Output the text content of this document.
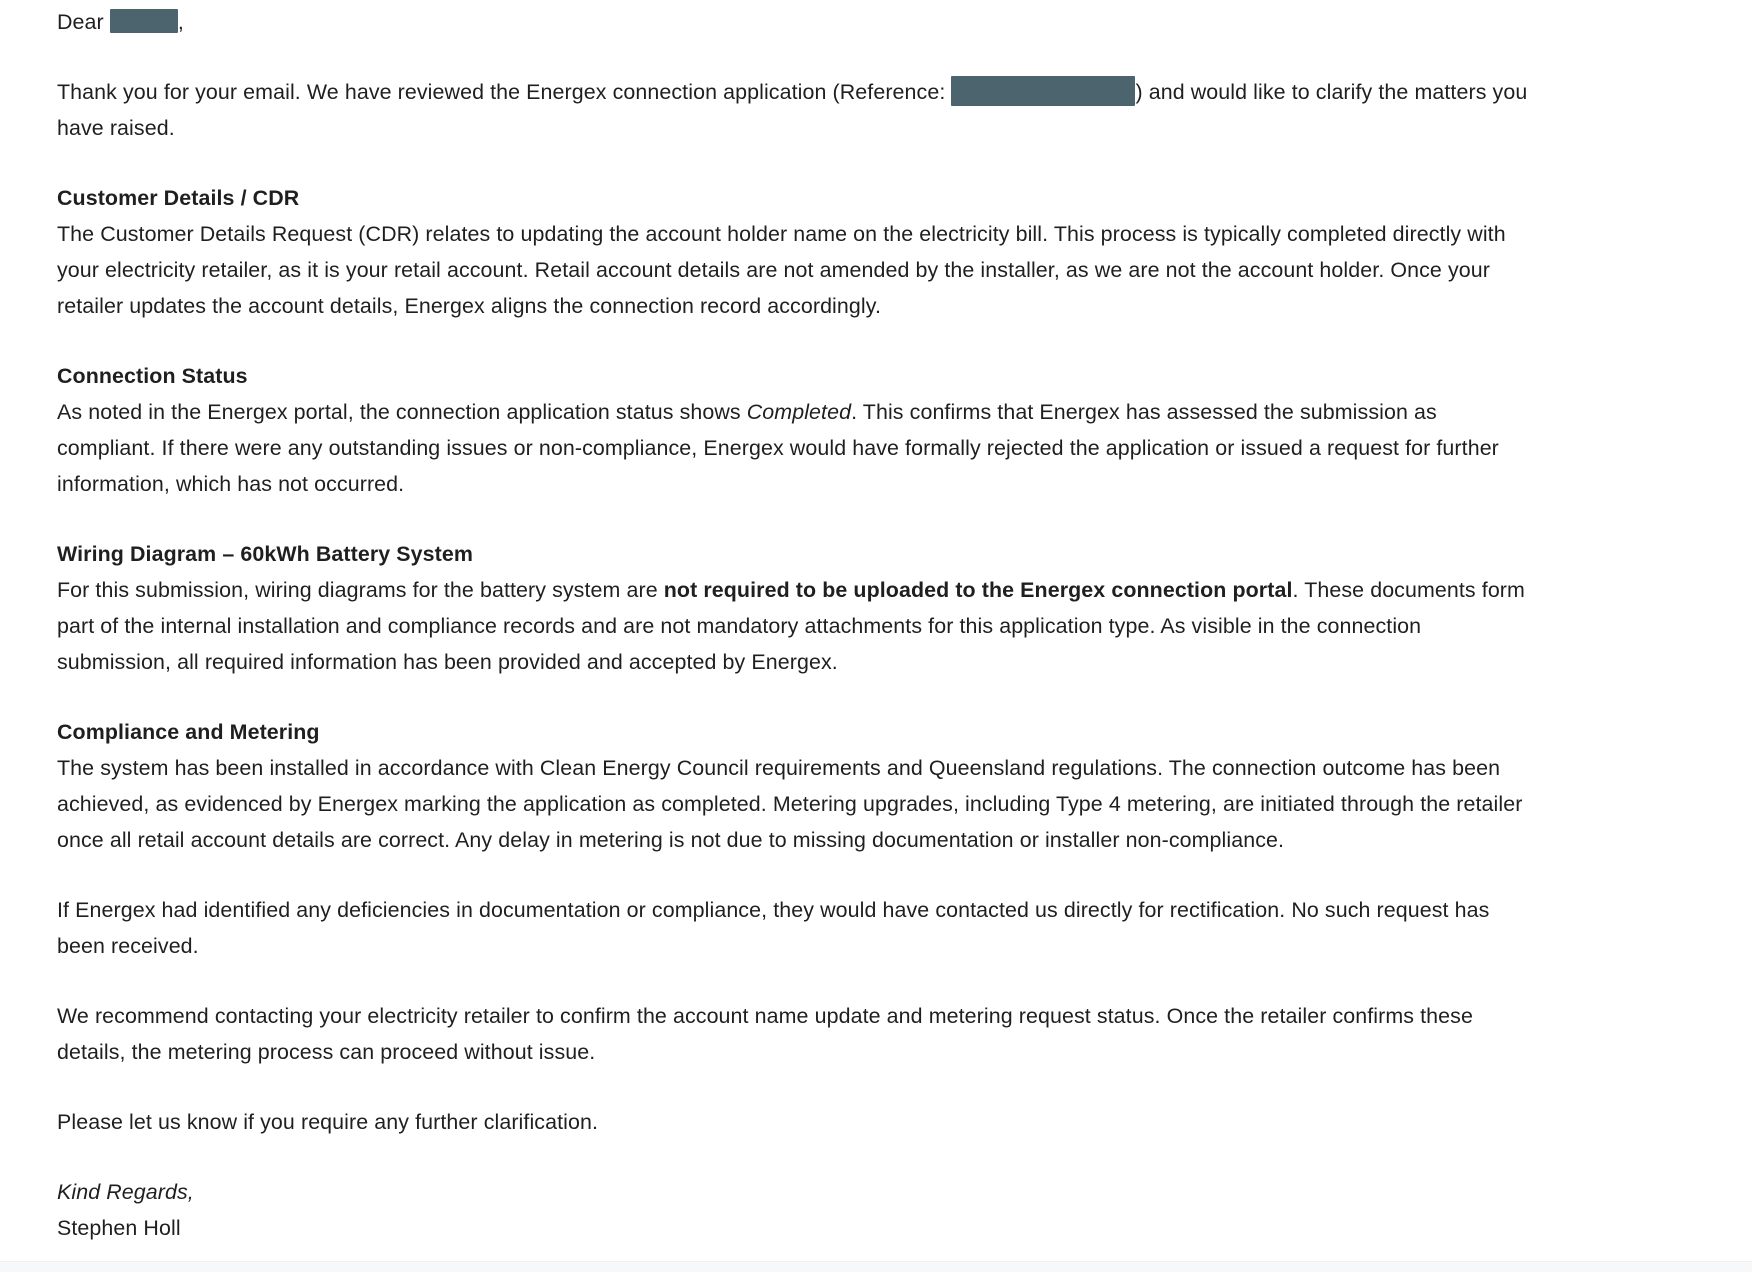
Dear	,
Thank you for your email. We have reviewed the Energex connection application (Reference:	) and would like to clarify the matters you have raised.
Customer Details / CDR
The Customer Details Request (CDR) relates to updating the account holder name on the electricity bill. This process is typically completed directly with your electricity retailer, as it is your retail account. Retail account details are not amended by the installer, as we are not the account holder. Once your retailer updates the account details, Energex aligns the connection record accordingly.
Connection Status
As noted in the Energex portal, the connection application status shows Completed. This confirms that Energex has assessed the submission as compliant. If there were any outstanding issues or non-compliance, Energex would have formally rejected the application or issued a request for further information, which has not occurred.
Wiring Diagram – 60kWh Battery System
For this submission, wiring diagrams for the battery system are not required to be uploaded to the Energex connection portal. These documents form part of the internal installation and compliance records and are not mandatory attachments for this application type. As visible in the connection submission, all required information has been provided and accepted by Energex.
Compliance and Metering
The system has been installed in accordance with Clean Energy Council requirements and Queensland regulations. The connection outcome has been achieved, as evidenced by Energex marking the application as completed. Metering upgrades, including Type 4 metering, are initiated through the retailer once all retail account details are correct. Any delay in metering is not due to missing documentation or installer non-compliance.
If Energex had identified any deficiencies in documentation or compliance, they would have contacted us directly for rectification. No such request has been received.
We recommend contacting your electricity retailer to confirm the account name update and metering request status. Once the retailer confirms these details, the metering process can proceed without issue.
Please let us know if you require any further clarification.
Kind Regards,
Stephen Holl
